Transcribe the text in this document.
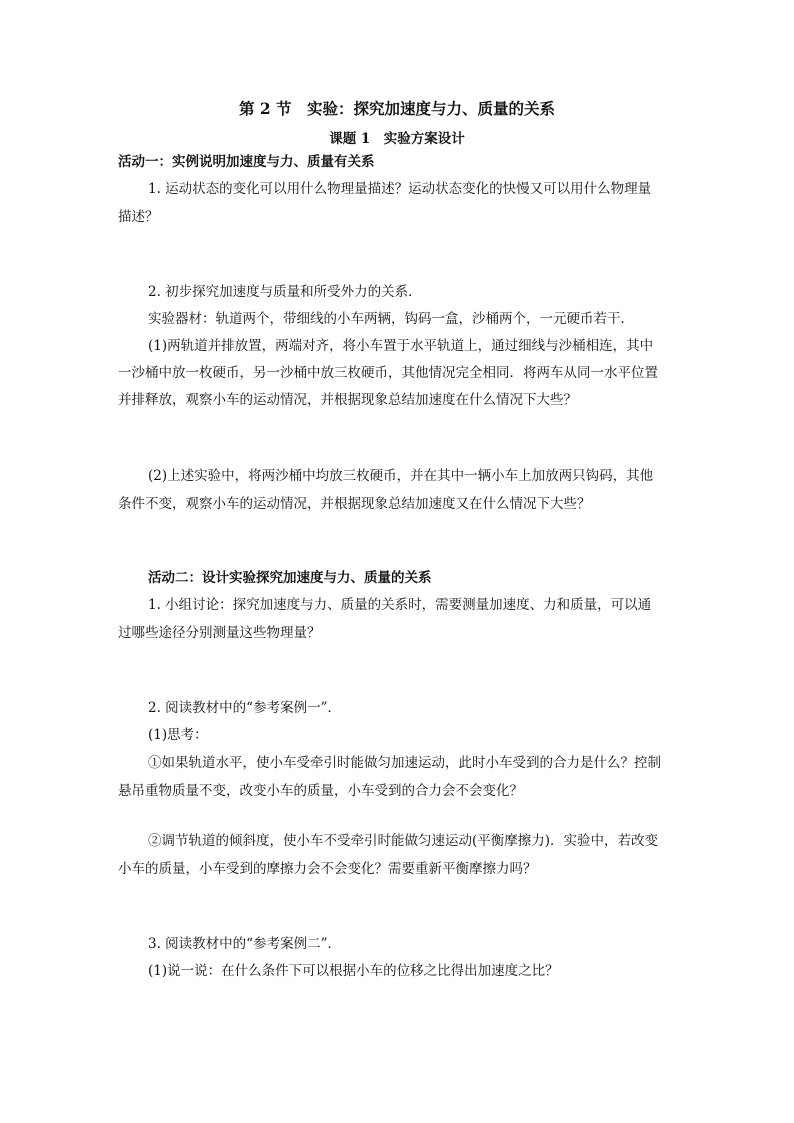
第 2 节　实验：探究加速度与力、质量的关系
课题 1　实验方案设计
活动一：实例说明加速度与力、质量有关系
1. 运动状态的变化可以用什么物理量描述？运动状态变化的快慢又可以用什么物理量
描述？
2. 初步探究加速度与质量和所受外力的关系．
实验器材：轨道两个，带细线的小车两辆，钩码一盒，沙桶两个，一元硬币若干．
(1)两轨道并排放置，两端对齐，将小车置于水平轨道上，通过细线与沙桶相连，其中
一沙桶中放一枚硬币，另一沙桶中放三枚硬币，其他情况完全相同．将两车从同一水平位置
并排释放，观察小车的运动情况，并根据现象总结加速度在什么情况下大些？
(2)上述实验中，将两沙桶中均放三枚硬币，并在其中一辆小车上加放两只钩码，其他
条件不变，观察小车的运动情况，并根据现象总结加速度又在什么情况下大些？
活动二：设计实验探究加速度与力、质量的关系
1. 小组讨论：探究加速度与力、质量的关系时，需要测量加速度、力和质量，可以通
过哪些途径分别测量这些物理量？
2. 阅读教材中的“参考案例一”．
(1)思考：
①如果轨道水平，使小车受牵引时能做匀加速运动，此时小车受到的合力是什么？控制
悬吊重物质量不变，改变小车的质量，小车受到的合力会不会变化？
②调节轨道的倾斜度，使小车不受牵引时能做匀速运动(平衡摩擦力)．实验中，若改变
小车的质量，小车受到的摩擦力会不会变化？需要重新平衡摩擦力吗？
3. 阅读教材中的“参考案例二”．
(1)说一说：在什么条件下可以根据小车的位移之比得出加速度之比？
